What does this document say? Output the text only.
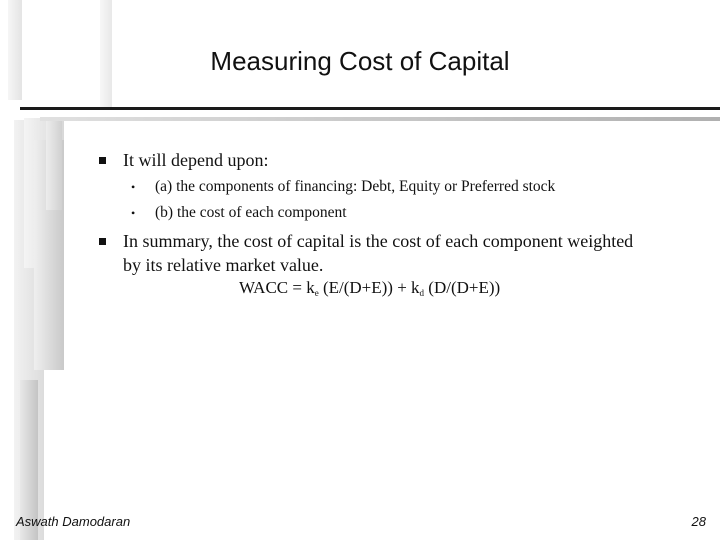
Measuring Cost of Capital
It will depend upon:
• (a) the components of financing: Debt, Equity or Preferred stock
• (b) the cost of each component
In summary, the cost of capital is the cost of each component weighted
by its relative market value.
WACC = $k_e$ $(E/(D+E)) + k_d$ (D/(D+E))
Aswath Damodaran	28
